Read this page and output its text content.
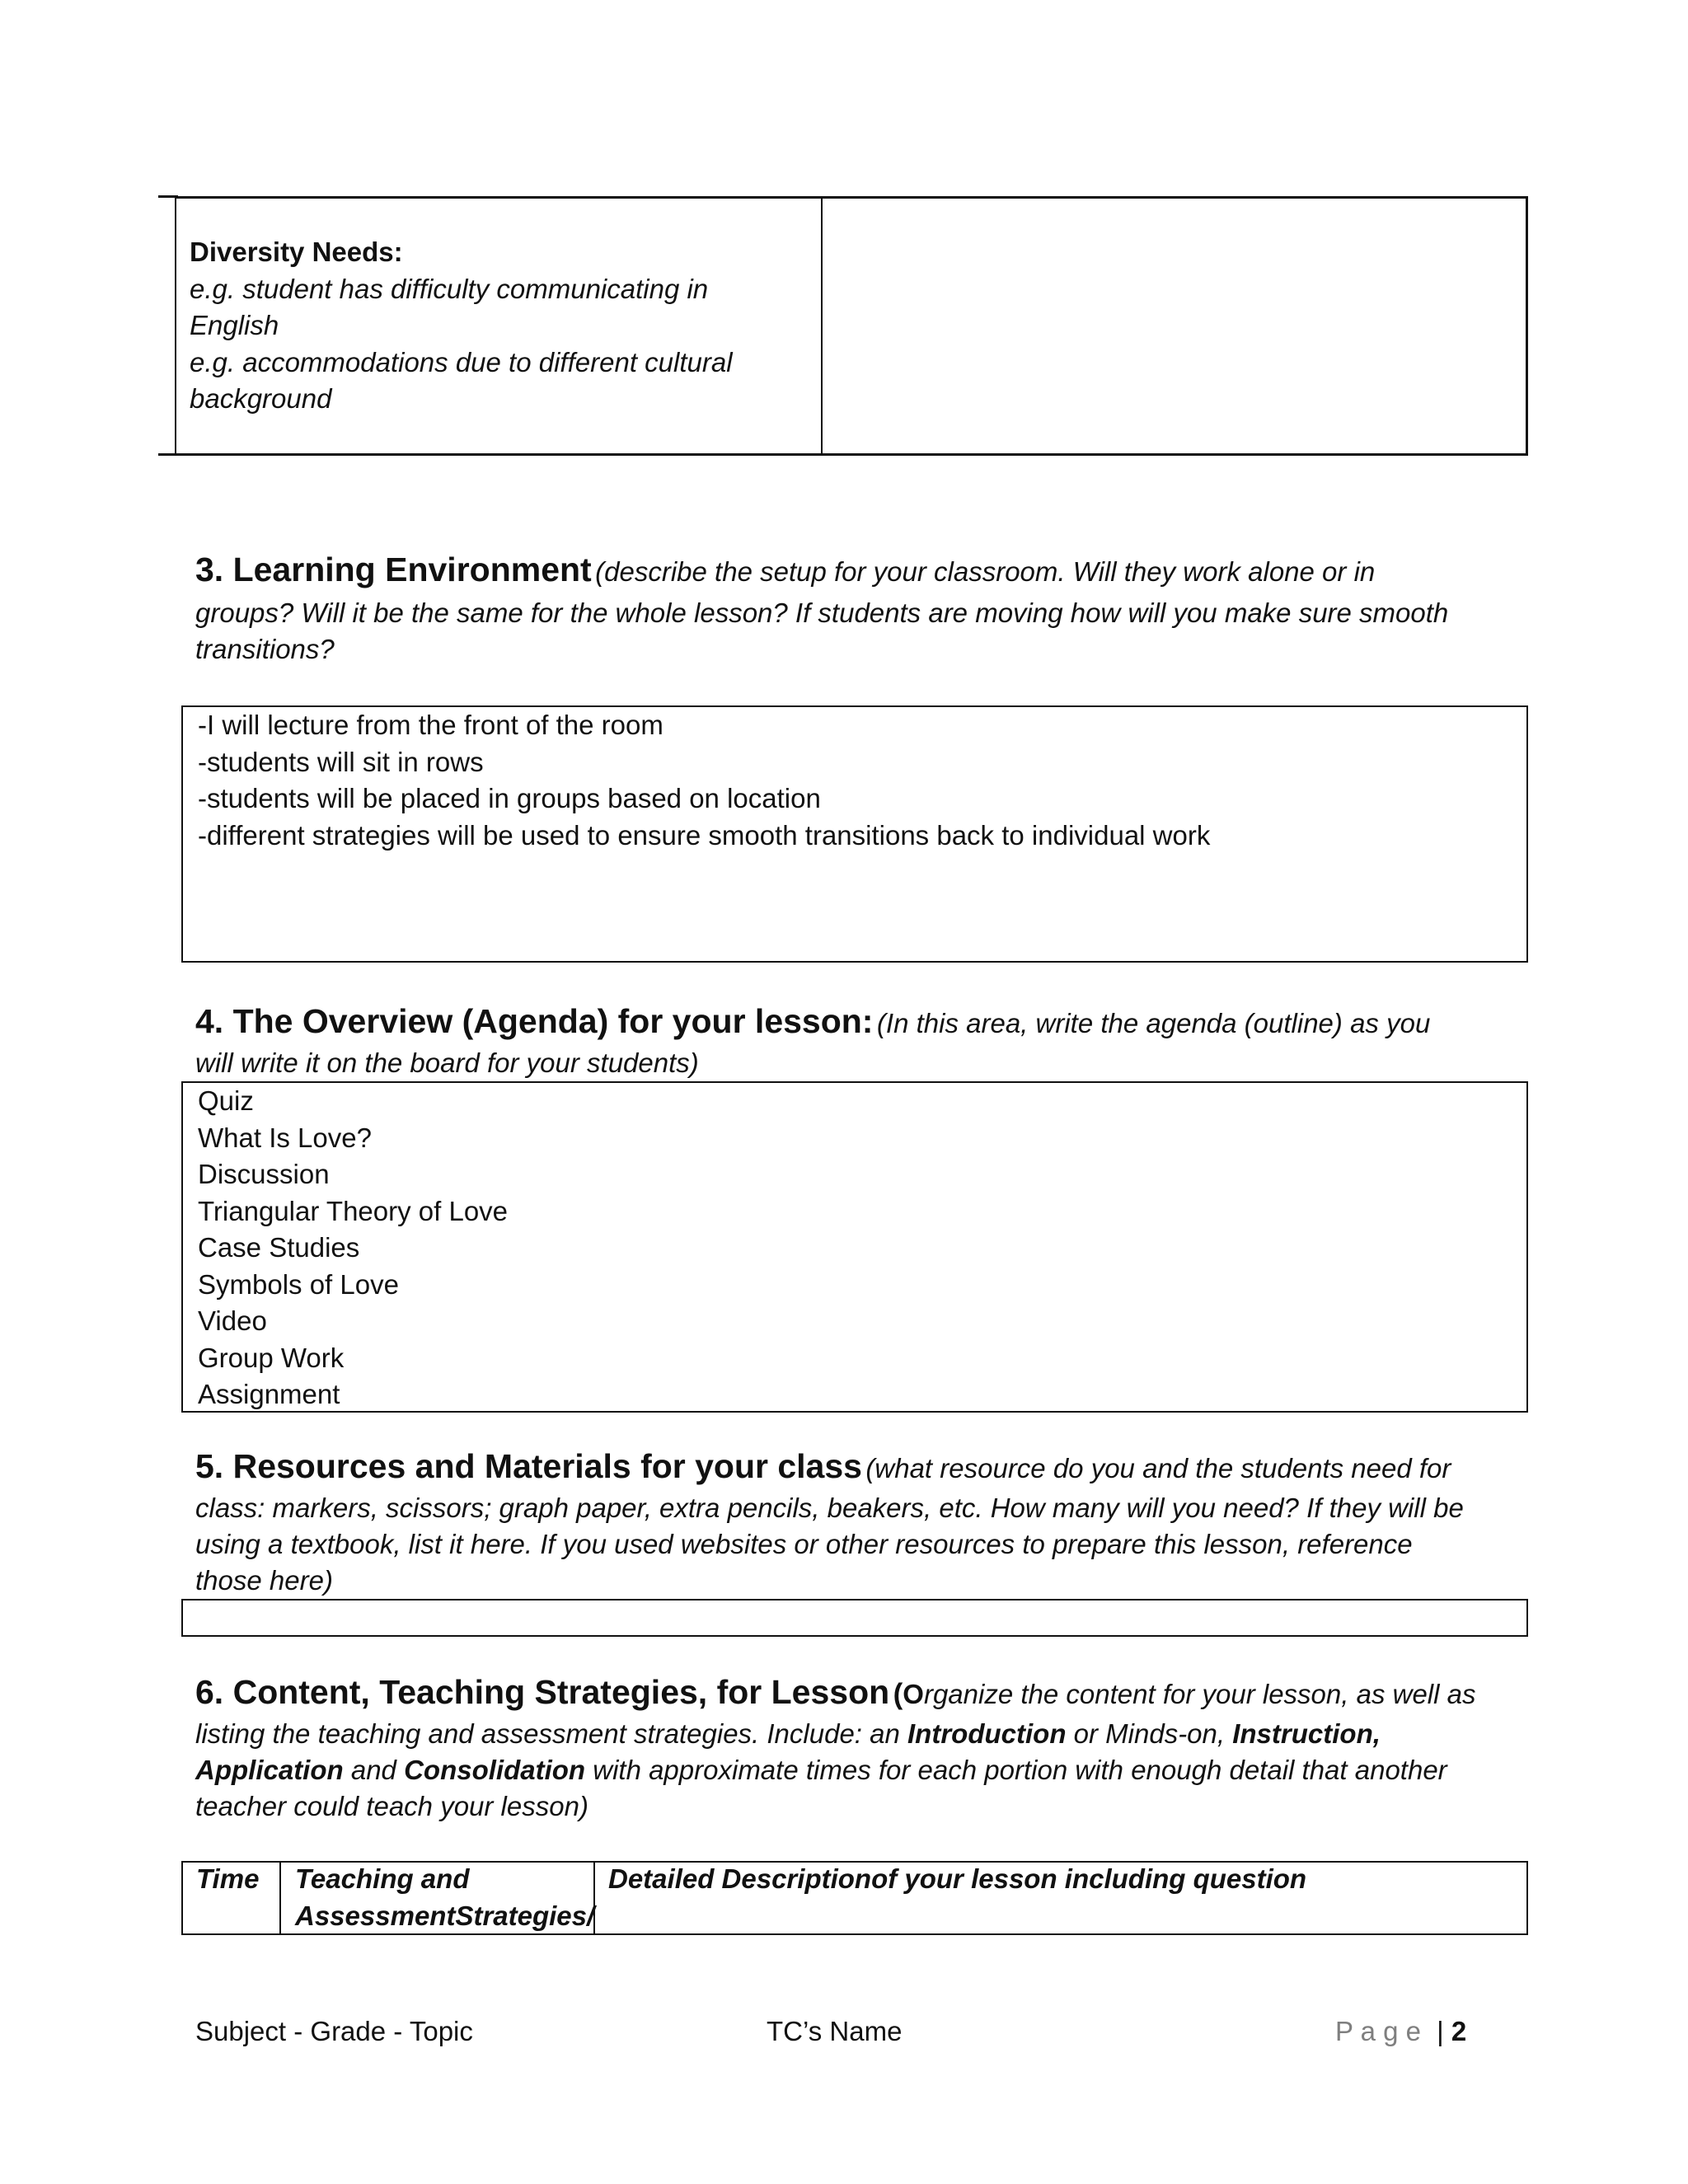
Diversity Needs:
e.g. student has difficulty communicating in
English
e.g. accommodations due to different cultural
background
3. Learning Environment (describe the setup for your classroom. Will they work alone or in
groups? Will it be the same for the whole lesson? If students are moving how will you make sure smooth
transitions?
-I will lecture from the front of the room
-students will sit in rows
-students will be placed in groups based on location
-different strategies will be used to ensure smooth transitions back to individual work
4. The Overview (Agenda) for your lesson: (In this area, write the agenda (outline) as you
will write it on the board for your students)
Quiz
What Is Love?
Discussion
Triangular Theory of Love
Case Studies
Symbols of Love
Video
Group Work
Assignment
5. Resources and Materials for your class (what resource do you and the students need for
class: markers, scissors; graph paper, extra pencils, beakers, etc. How many will you need? If they will be
using a textbook, list it here. If you used websites or other resources to prepare this lesson, reference
those here)
6. Content, Teaching Strategies, for Lesson (Organize the content for your lesson, as well as
listing the teaching and assessment strategies. Include: an Introduction or Minds-on, Instruction,
Application and Consolidation with approximate times for each portion with enough detail that another
teacher could teach your lesson)
Time Teaching and
AssessmentStrategies/
Detailed Descriptionof your lesson including question
Subject - Grade - Topic	TC’s Name	P a g e | 2
